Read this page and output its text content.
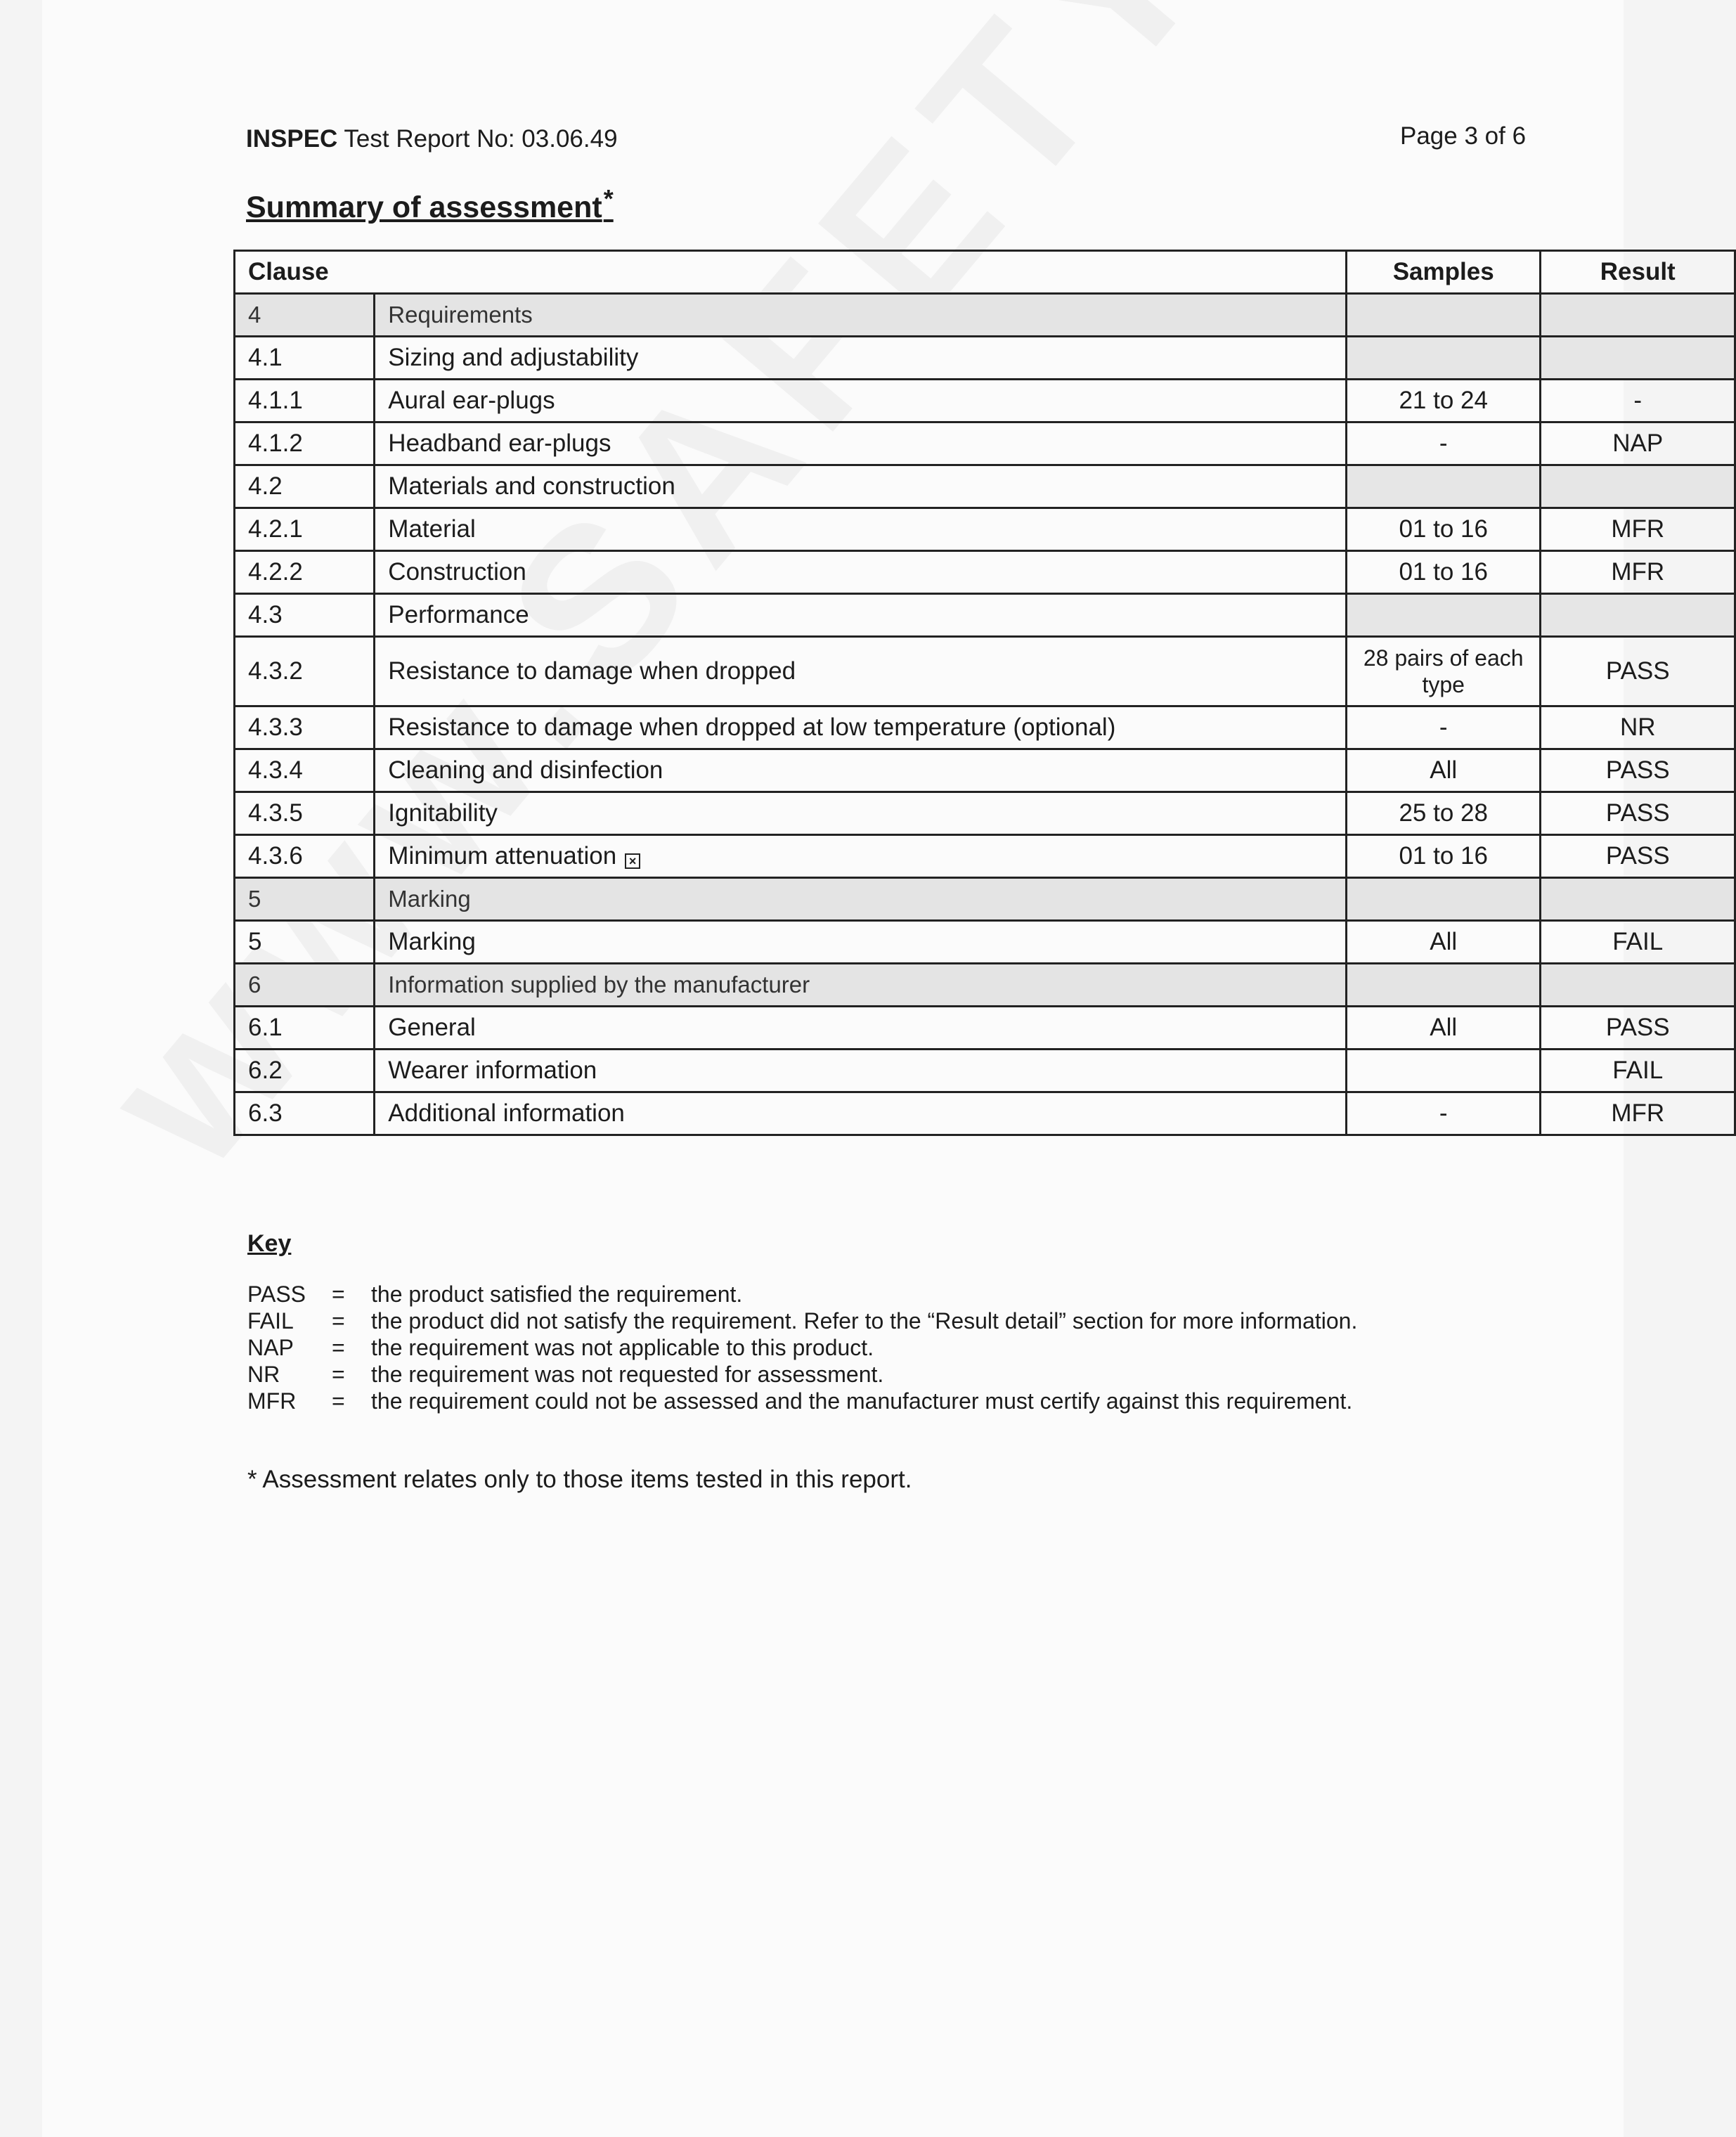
INSPEC Test Report No: 03.06.49	Page 3 of 6
Summary of assessment*
Clause		Samples	Result
4	Requirements		
4.1	Sizing and adjustability		
4.1.1	Aural ear-plugs	21 to 24	-
4.1.2	Headband ear-plugs	-	NAP
4.2	Materials and construction		
4.2.1	Material	01 to 16	MFR
4.2.2	Construction	01 to 16	MFR
4.3	Performance		
4.3.2	Resistance to damage when dropped	28 pairs of each type	PASS
4.3.3	Resistance to damage when dropped at low temperature (optional)	-	NR
4.3.4	Cleaning and disinfection	All	PASS
4.3.5	Ignitability	25 to 28	PASS
4.3.6	Minimum attenuation ×	01 to 16	PASS
5	Marking		
5	Marking	All	FAIL
6	Information supplied by the manufacturer		
6.1	General	All	PASS
6.2	Wearer information		FAIL
6.3	Additional information	-	MFR
Key
PASS	=	the product satisfied the requirement.
FAIL	=	the product did not satisfy the requirement. Refer to the “Result detail” section for more information.
NAP	=	the requirement was not applicable to this product.
NR	=	the requirement was not requested for assessment.
MFR	=	the requirement could not be assessed and the manufacturer must certify against this requirement.
* Assessment relates only to those items tested in this report.
